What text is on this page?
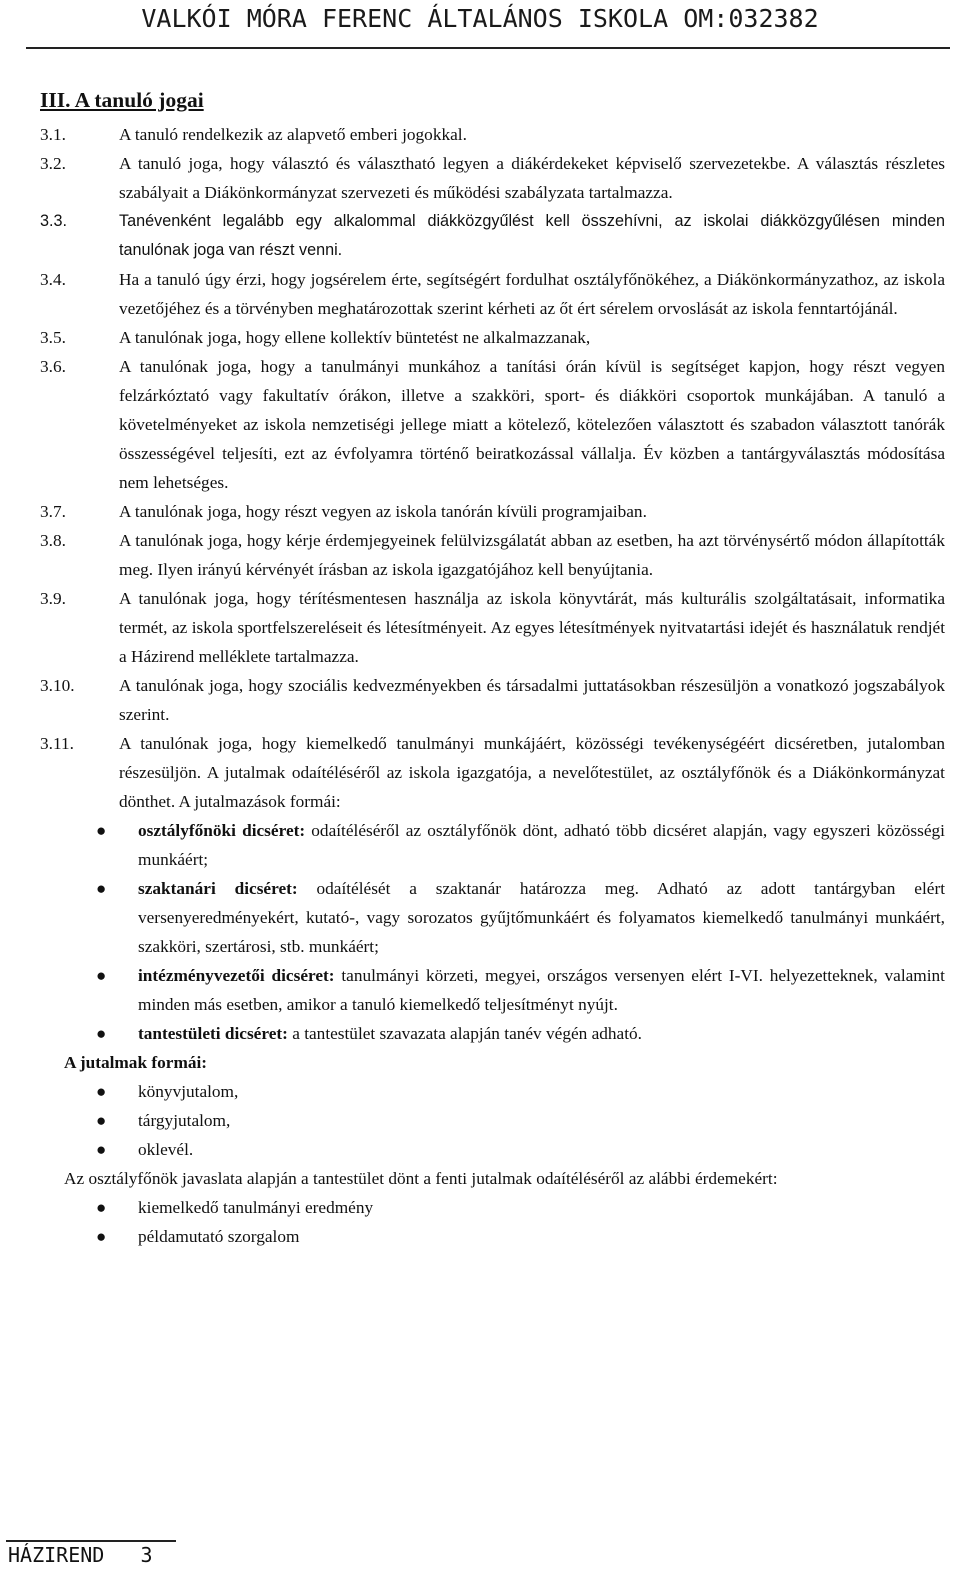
VALKÓI MÓRA FERENC ÁLTALÁNOS ISKOLA OM:032382
III. A tanuló jogai
3.1.	A tanuló rendelkezik az alapvető emberi jogokkal.
3.2.	A tanuló joga, hogy választó és választható legyen a diákérdekeket képviselő szervezetekbe. A választás részletes szabályait a Diákönkormányzat szervezeti és működési szabályzata tartalmazza.
3.3.	Tanévenként legalább egy alkalommal diákközgyűlést kell összehívni, az iskolai diákközgyűlésen minden tanulónak joga van részt venni.
3.4.	Ha a tanuló úgy érzi, hogy jogsérelem érte, segítségért fordulhat osztályfőnökéhez, a Diákönkormányzathoz, az iskola vezetőjéhez és a törvényben meghatározottak szerint kérheti az őt ért sérelem orvoslását az iskola fenntartójánál.
3.5.	A tanulónak joga, hogy ellene kollektív büntetést ne alkalmazzanak,
3.6.	A tanulónak joga, hogy a tanulmányi munkához a tanítási órán kívül is segítséget kapjon, hogy részt vegyen felzárkóztató vagy fakultatív órákon, illetve a szakköri, sport- és diákköri csoportok munkájában. A tanuló a követelményeket az iskola nemzetiségi jellege miatt a kötelező, kötelezően választott és szabadon választott tanórák összességével teljesíti, ezt az évfolyamra történő beiratkozással vállalja. Év közben a tantárgyválasztás módosítása nem lehetséges.
3.7.	A tanulónak joga, hogy részt vegyen az iskola tanórán kívüli programjaiban.
3.8.	A tanulónak joga, hogy kérje érdemjegyeinek felülvizsgálatát abban az esetben, ha azt törvénysértő módon állapították meg. Ilyen irányú kérvényét írásban az iskola igazgatójához kell benyújtania.
3.9.	A tanulónak joga, hogy térítésmentesen használja az iskola könyvtárát, más kulturális szolgáltatásait, informatika termét, az iskola sportfelszereléseit és létesítményeit. Az egyes létesítmények nyitvatartási idejét és használatuk rendjét a Házirend melléklete tartalmazza.
3.10.	A tanulónak joga, hogy szociális kedvezményekben és társadalmi juttatásokban részesüljön a vonatkozó jogszabályok szerint.
3.11.	A tanulónak joga, hogy kiemelkedő tanulmányi munkájáért, közösségi tevékenységéért dicséretben, jutalomban részesüljön. A jutalmak odaítéléséről az iskola igazgatója, a nevelőtestület, az osztályfőnök és a Diákönkormányzat dönthet. A jutalmazások formái:
● osztályfőnöki dicséret: odaítéléséről az osztályfőnök dönt, adható több dicséret alapján, vagy egyszeri közösségi munkáért;
● szaktanári dicséret: odaítélését a szaktanár határozza meg. Adható az adott tantárgyban elért versenyeredményekért, kutató-, vagy sorozatos gyűjtőmunkáért és folyamatos kiemelkedő tanulmányi munkáért, szakköri, szertárosi, stb. munkáért;
● intézményvezetői dicséret: tanulmányi körzeti, megyei, országos versenyen elért I-VI. helyezetteknek, valamint minden más esetben, amikor a tanuló kiemelkedő teljesítményt nyújt.
● tantestületi dicséret: a tantestület szavazata alapján tanév végén adható.
A jutalmak formái:
● könyvjutalom,
● tárgyjutalom,
● oklevél.
Az osztályfőnök javaslata alapján a tantestület dönt a fenti jutalmak odaítéléséről az alábbi érdemekért:
● kiemelkedő tanulmányi eredmény
● példamutató szorgalom
HÁZIREND 3
